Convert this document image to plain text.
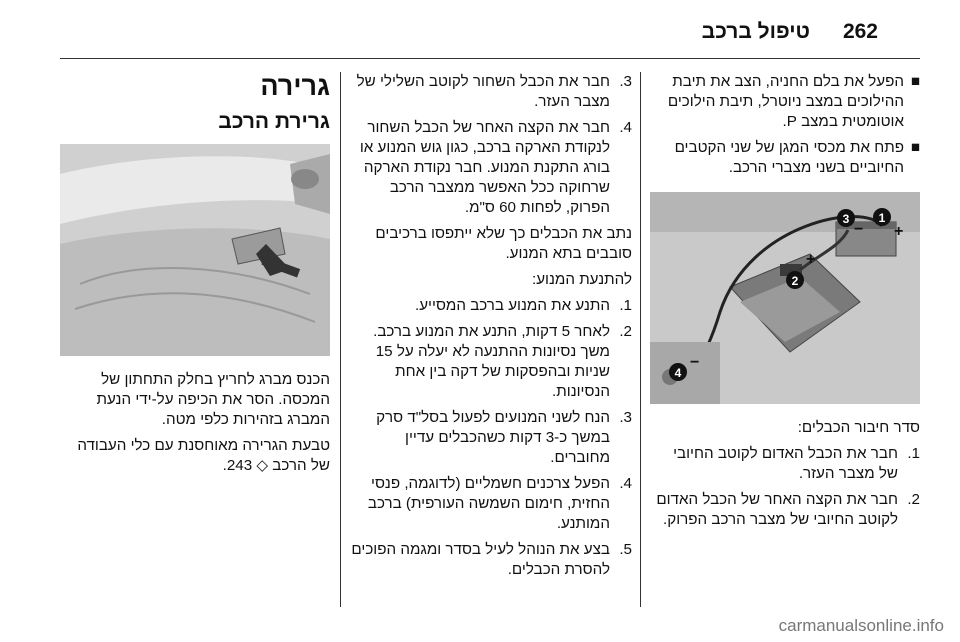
262
טיפול ברכב
■
הפעל את בלם החניה, הצב את תיבת ההילוכים במצב ניוטרל, תיבת הילוכים אוטומטית במצב P.
■
פתח את מכסי המגן של שני הקטבים החיוביים בשני מצברי הרכב.
1
3
2
4
+
+
−
−
סדר חיבור הכבלים:
1.
חבר את הכבל האדום לקוטב החיובי של מצבר העזר.
2.
חבר את הקצה האחר של הכבל האדום לקוטב החיובי של מצבר הרכב הפרוק.
3.
חבר את הכבל השחור לקוטב השלילי של מצבר העזר.
4.
חבר את הקצה האחר של הכבל השחור לנקודת הארקה ברכב, כגון גוש המנוע או בורג התקנת המנוע. חבר נקודת הארקה שרחוקה ככל האפשר ממצבר הרכב הפרוק, לפחות 60 ס"מ.
נתב את הכבלים כך שלא ייתפסו ברכיבים סובבים בתא המנוע.
להתנעת המנוע:
1.
התנע את המנוע ברכב המסייע.
2.
לאחר 5 דקות, התנע את המנוע ברכב. משך נסיונות ההתנעה לא יעלה על 15 שניות ובהפסקות של דקה בין אחת הנסיונות.
3.
הנח לשני המנועים לפעול בסל"ד סרק במשך כ-3 דקות כשהכבלים עדיין מחוברים.
4.
הפעל צרכנים חשמליים (לדוגמה, פנסי החזית, חימום השמשה העורפית) ברכב המותנע.
5.
בצע את הנוהל לעיל בסדר ומגמה הפוכים להסרת הכבלים.
גרירה
גרירת הרכב
הכנס מברג לחריץ בחלק התחתון של המכסה. הסר את הכיפה על-ידי הנעת המברג בזהירות כלפי מטה.
טבעת הגרירה מאוחסנת עם כלי העבודה של הרכב ◇ 243.
carmanualsonline.info
